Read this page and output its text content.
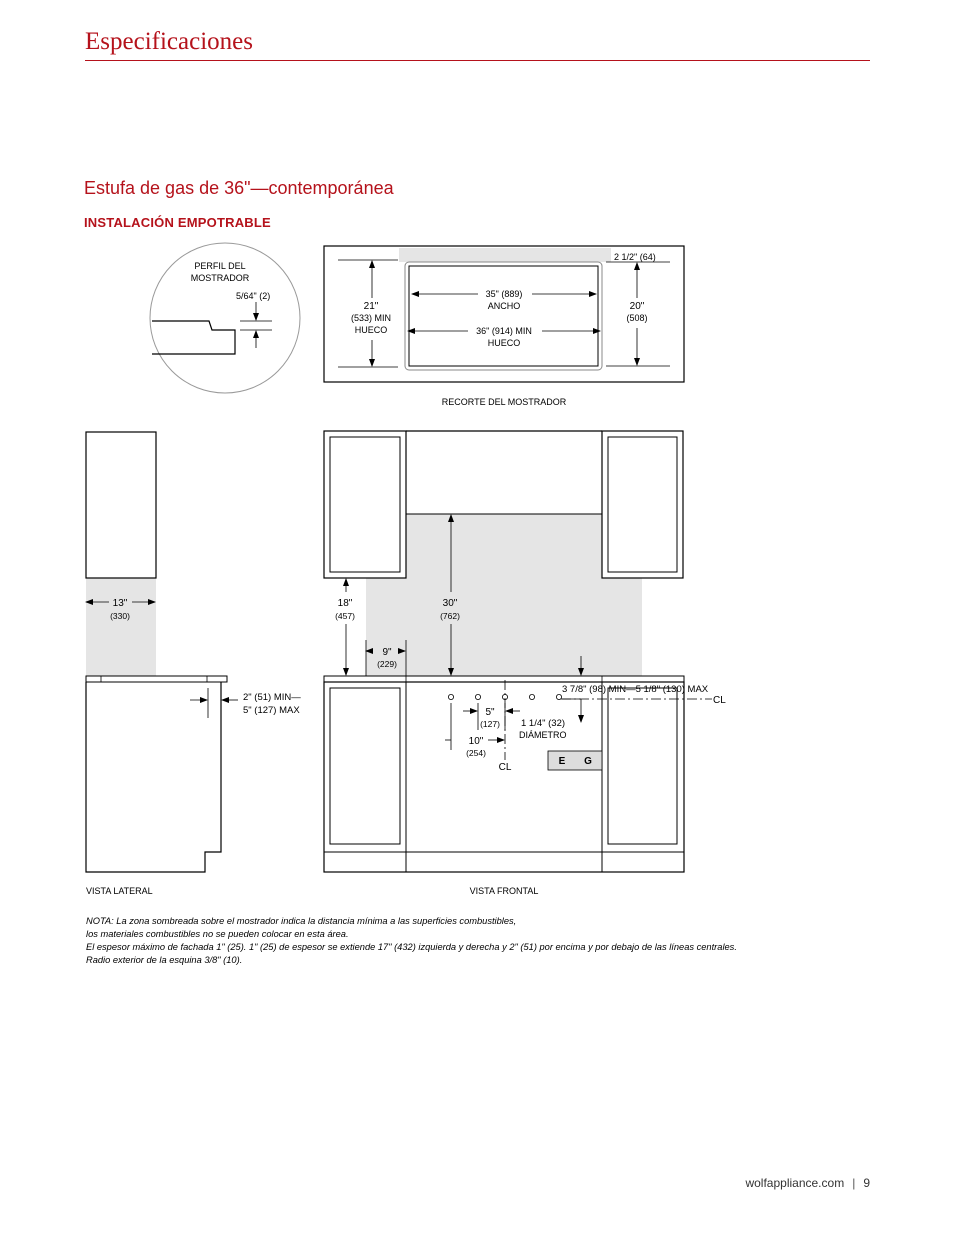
Especificaciones
Estufa de gas de 36"—contemporánea
INSTALACIÓN EMPOTRABLE
PERFIL DEL
MOSTRADOR
5/64" (2)
2 1/2" (64)
35" (889)
ANCHO
36" (914) MIN
HUECO
21"
(533) MIN
HUECO
20"
(508)
RECORTE DEL MOSTRADOR
13"
(330)
2" (51) MIN—
5" (127) MAX
VISTA LATERAL
18"
(457)
30"
(762)
9"
(229)
3 7/8" (98) MIN—5 1/8" (130) MAX
CL
CL
5"
(127) 1 1/4" (32)
DIÁMETRO
10"
(254)
E G
VISTA FRONTAL
NOTA: La zona sombreada sobre el mostrador indica la distancia mínima a las superficies combustibles,
los materiales combustibles no se pueden colocar en esta área.
El espesor máximo de fachada 1" (25). 1" (25) de espesor se extiende 17" (432) izquierda y derecha y 2" (51) por encima y por debajo de las líneas centrales.
Radio exterior de la esquina 3/8" (10).
wolfappliance.com | 9
